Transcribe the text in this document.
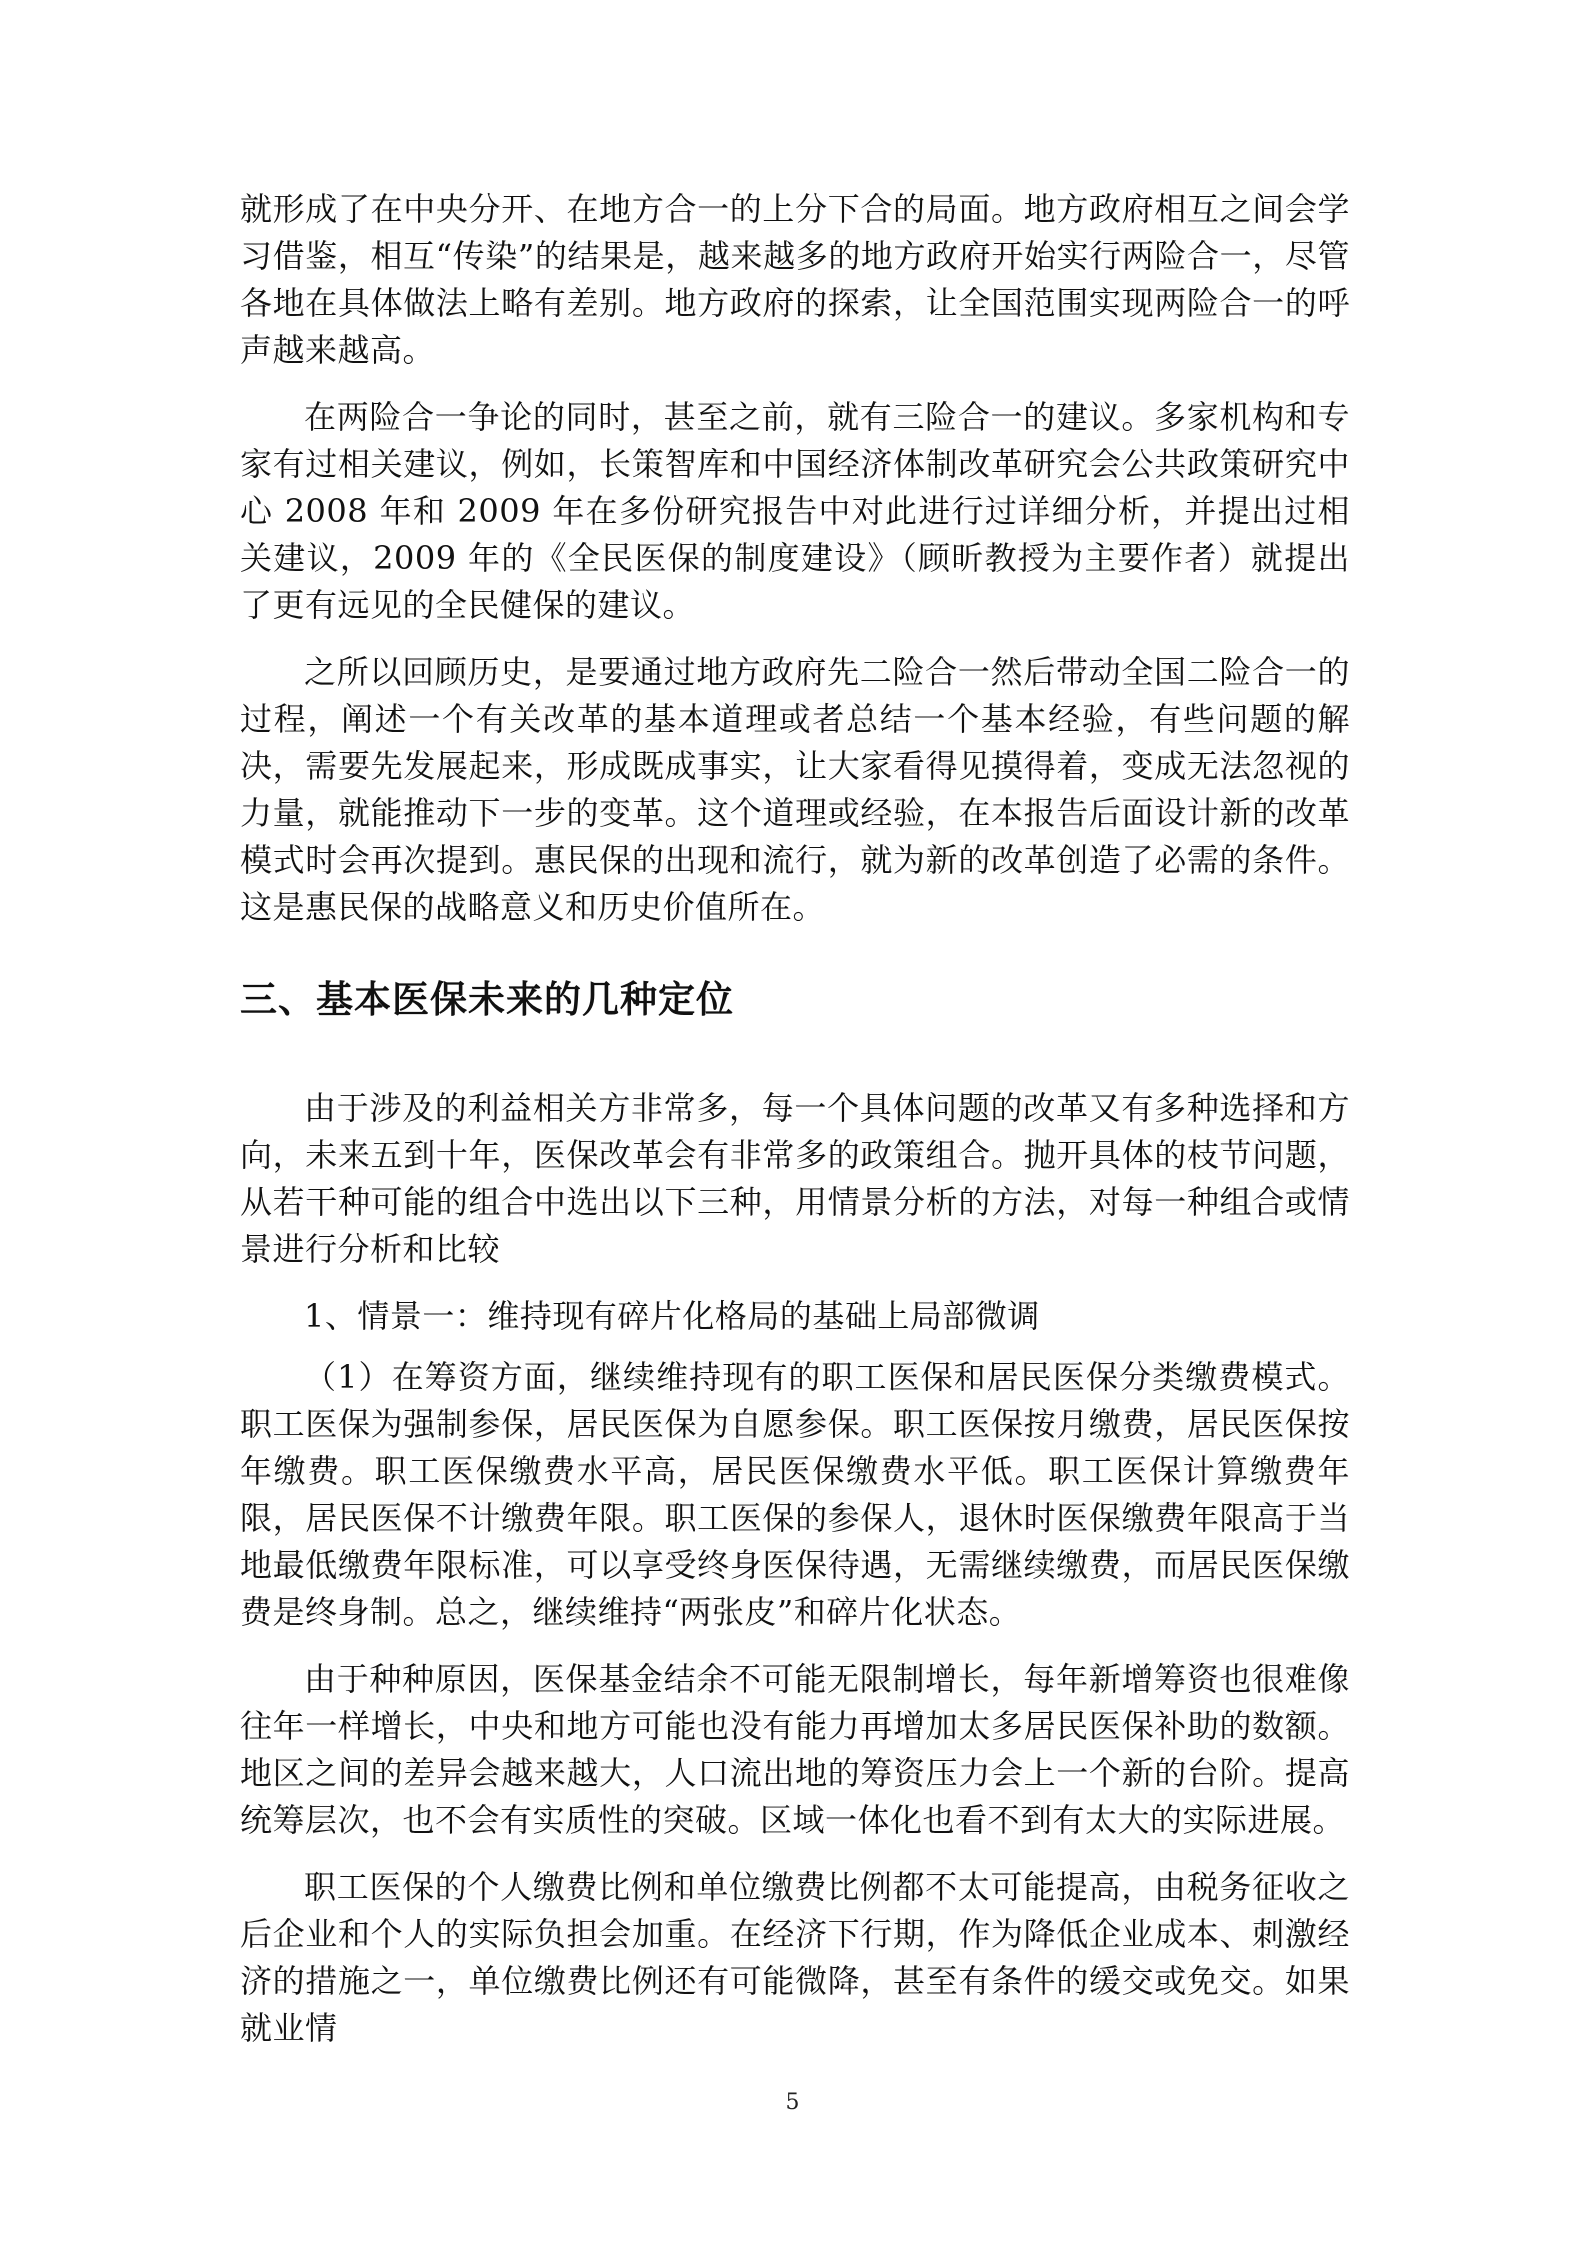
就形成了在中央分开、在地方合一的上分下合的局面。地方政府相互之间会学习借鉴，相互“传染”的结果是，越来越多的地方政府开始实行两险合一，尽管各地在具体做法上略有差别。地方政府的探索，让全国范围实现两险合一的呼声越来越高。

在两险合一争论的同时，甚至之前，就有三险合一的建议。多家机构和专家有过相关建议，例如，长策智库和中国经济体制改革研究会公共政策研究中心 2008 年和 2009 年在多份研究报告中对此进行过详细分析，并提出过相关建议，2009 年的《全民医保的制度建设》（顾昕教授为主要作者）就提出了更有远见的全民健保的建议。

之所以回顾历史，是要通过地方政府先二险合一然后带动全国二险合一的过程，阐述一个有关改革的基本道理或者总结一个基本经验，有些问题的解决，需要先发展起来，形成既成事实，让大家看得见摸得着，变成无法忽视的力量，就能推动下一步的变革。这个道理或经验，在本报告后面设计新的改革模式时会再次提到。惠民保的出现和流行，就为新的改革创造了必需的条件。这是惠民保的战略意义和历史价值所在。

三、基本医保未来的几种定位

由于涉及的利益相关方非常多，每一个具体问题的改革又有多种选择和方向，未来五到十年，医保改革会有非常多的政策组合。抛开具体的枝节问题，从若干种可能的组合中选出以下三种，用情景分析的方法，对每一种组合或情景进行分析和比较

1、情景一：维持现有碎片化格局的基础上局部微调

（1）在筹资方面，继续维持现有的职工医保和居民医保分类缴费模式。职工医保为强制参保，居民医保为自愿参保。职工医保按月缴费，居民医保按年缴费。职工医保缴费水平高，居民医保缴费水平低。职工医保计算缴费年限，居民医保不计缴费年限。职工医保的参保人，退休时医保缴费年限高于当地最低缴费年限标准，可以享受终身医保待遇，无需继续缴费，而居民医保缴费是终身制。总之，继续维持“两张皮”和碎片化状态。

由于种种原因，医保基金结余不可能无限制增长，每年新增筹资也很难像往年一样增长，中央和地方可能也没有能力再增加太多居民医保补助的数额。地区之间的差异会越来越大，人口流出地的筹资压力会上一个新的台阶。提高统筹层次，也不会有实质性的突破。区域一体化也看不到有太大的实际进展。

职工医保的个人缴费比例和单位缴费比例都不太可能提高，由税务征收之后企业和个人的实际负担会加重。在经济下行期，作为降低企业成本、刺激经济的措施之一，单位缴费比例还有可能微降，甚至有条件的缓交或免交。如果就业情

5
